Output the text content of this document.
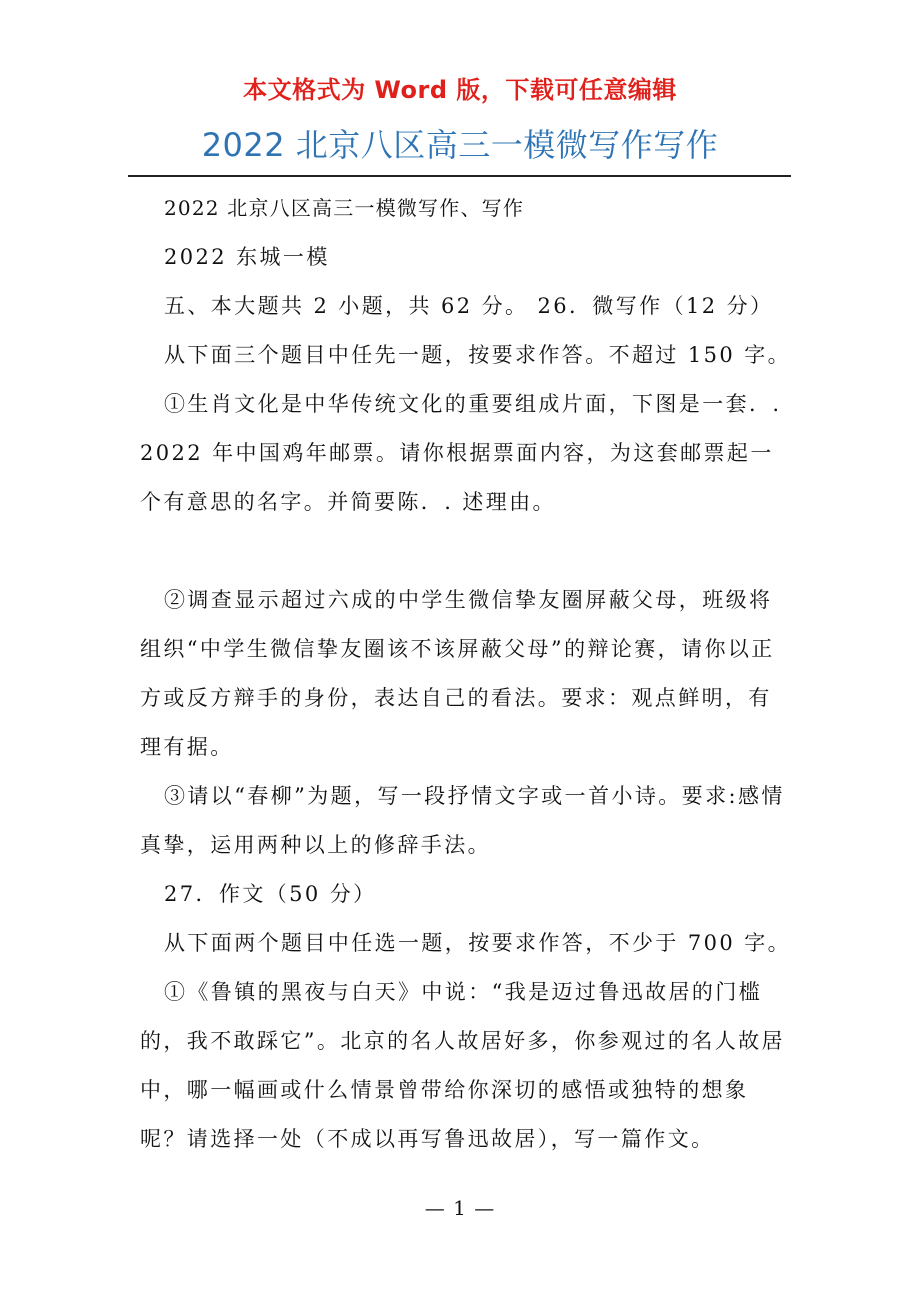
本文格式为 Word 版，下载可任意编辑
2022 北京八区高三一模微写作写作

2022 北京八区高三一模微写作、写作

2022 东城一模

五、本大题共 2 小题，共 62 分。 26．微写作（12 分）

从下面三个题目中任先一题，按要求作答。不超过 150 字。

①生肖文化是中华传统文化的重要组成片面，下图是一套．. 2022 年中国鸡年邮票。请你根据票面内容，为这套邮票起一个有意思的名字。并简要陈．. 述理由。

②调查显示超过六成的中学生微信挚友圈屏蔽父母，班级将组织“中学生微信挚友圈该不该屏蔽父母”的辩论赛，请你以正方或反方辩手的身份，表达自己的看法。要求：观点鲜明，有理有据。

③请以“春柳”为题，写一段抒情文字或一首小诗。要求:感情真挚，运用两种以上的修辞手法。

27．作文（50 分）

从下面两个题目中任选一题，按要求作答，不少于 700 字。

①《鲁镇的黑夜与白天》中说：“我是迈过鲁迅故居的门槛的，我不敢踩它”。北京的名人故居好多，你参观过的名人故居中，哪一幅画或什么情景曾带给你深切的感悟或独特的想象呢？请选择一处（不成以再写鲁迅故居），写一篇作文。

— 1 —
